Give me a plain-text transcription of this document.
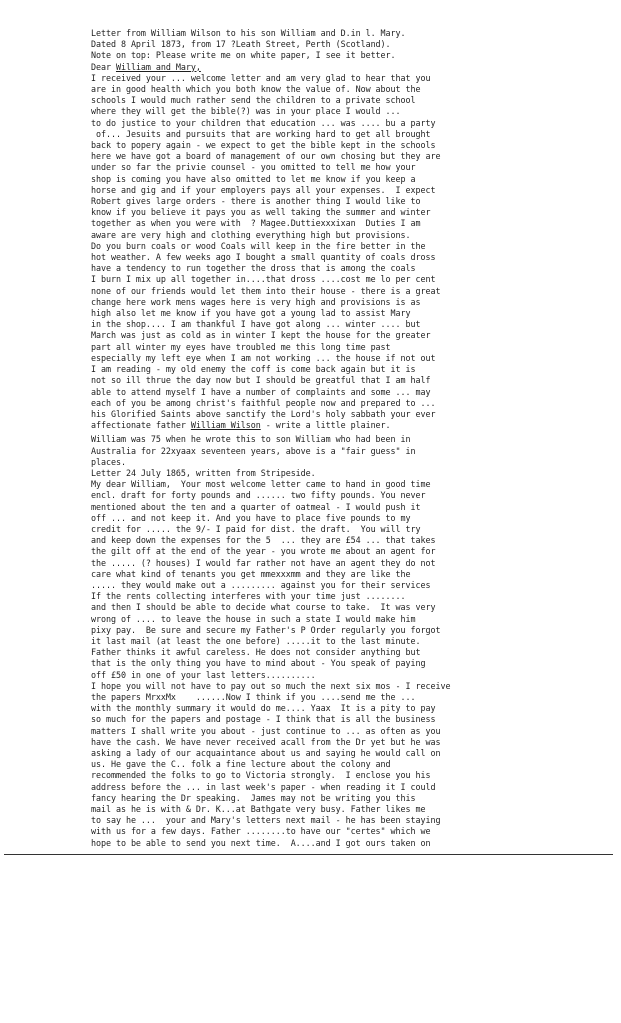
Letter from William Wilson to his son William and D.in l. Mary.
Dated 8 April 1873, from 17 ?Leath Street, Perth (Scotland).
Note on top: Please write me on white paper, I see it better.
Dear William and Mary,
I received your ... welcome letter and am very glad to hear that you
are in good health which you both know the value of. Now about the
schools I would much rather send the children to a private school
where they will get the bible(?) was in your place I would ...
to do justice to your children that education ... was .... bu a party
of... Jesuits and pursuits that are working hard to get all brought
back to popery again - we expect to get the bible kept in the schools
here we have got a board of management of our own chosing but they are
under so far the privie counsel - you omitted to tell me how your
shop is coming you have also omitted to let me know if you keep a
horse and gig and if your employers pays all your expenses.  I expect
Robert gives large orders - there is another thing I would like to
know if you believe it pays you as well taking the summer and winter
together as when you were with  ? Magee.Duttiexxxixan  Duties I am
aware are very high and clothing everything high but provisions.
Do you burn coals or wood Coals will keep in the fire better in the
hot weather. A few weeks ago I bought a small quantity of coals dross
have a tendency to run together the dross that is among the coals
I burn I mix up all together in....that dross ....cost me lo per cent
none of our friends would let them into their house - there is a great
change here work mens wages here is very high and provisions is as
high also let me know if you have got a young lad to assist Mary
in the shop.... I am thankful I have got along ... winter .... but
March was just as cold as in winter I kept the house for the greater
part all winter my eyes have troubled me this long time past
especially my left eye when I am not working ... the house if not out
I am reading - my old enemy the coff is come back again but it is
not so ill thrue the day now but I should be greatful that I am half
able to attend myself I have a number of complaints and some ... may
each of you be among christ's faithful people now and prepared to ...
his Glorified Saints above sanctify the Lord's holy sabbath your ever
affectionate father William Wilson - write a little plainer.
William was 75 when he wrote this to son William who had been in
Australia for 22xyaax seventeen years, above is a "fair guess" in
places.
Letter 24 July 1865, written from Stripeside.
My dear William,  Your most welcome letter came to hand in good time
encl. draft for forty pounds and ...... two fifty pounds. You never
mentioned about the ten and a quarter of oatmeal - I would push it
off ... and not keep it. And you have to place five pounds to my
credit for ..... the 9/- I paid for dist. the draft.  You will try
and keep down the expenses for the 5  ... they are £54 ... that takes
the gilt off at the end of the year - you wrote me about an agent for
the ..... (? houses) I would far rather not have an agent they do not
care what kind of tenants you get mmexxxmm and they are like the
..... they would make out a ......... against you for their services
If the rents collecting interferes with your time just ........
and then I should be able to decide what course to take.  It was very
wrong of .... to leave the house in such a state I would make him
pixy pay.  Be sure and secure my Father's P Order regularly you forgot
it last mail (at least the one before) .....it to the last minute.
Father thinks it awful careless. He does not consider anything but
that is the only thing you have to mind about - You speak of paying
off £50 in one of your last letters..........
I hope you will not have to pay out so much the next six mos - I receive
the papers MrxxMx    ......Now I think if you ....send me the ...
with the monthly summary it would do me.... Yaax  It is a pity to pay
so much for the papers and postage - I think that is all the business
matters I shall write you about - just continue to ... as often as you
have the cash. We have never received acall from the Dr yet but he was
asking a lady of our acquaintance about us and saying he would call on
us. He gave the C.. folk a fine lecture about the colony and
recommended the folks to go to Victoria strongly.  I enclose you his
address before the ... in last week's paper - when reading it I could
fancy hearing the Dr speaking.  James may not be writing you this
mail as he is with & Dr. K...at Bathgate very busy. Father likes me
to say he ...  your and Mary's letters next mail - he has been staying
with us for a few days. Father ........to have our "certes" which we
hope to be able to send you next time.  A....and I got ours taken on
